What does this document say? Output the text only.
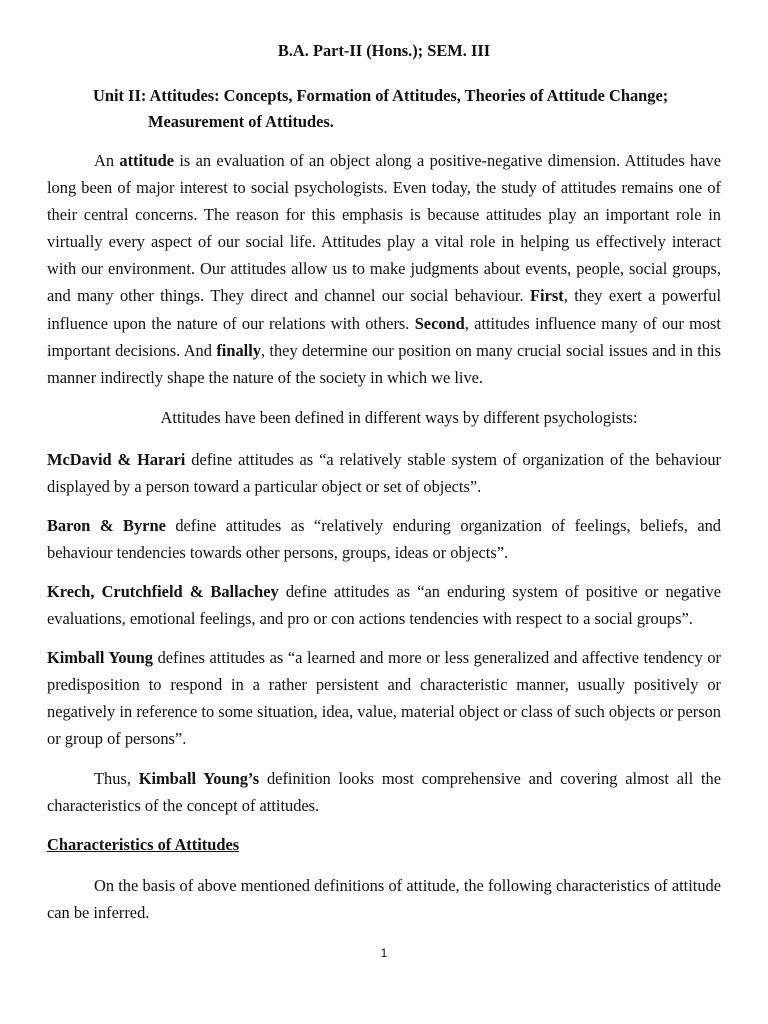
B.A. Part-II (Hons.); SEM. III

Unit II: Attitudes: Concepts, Formation of Attitudes, Theories of Attitude Change;
Measurement of Attitudes.

An attitude is an evaluation of an object along a positive-negative dimension. Attitudes have long been of major interest to social psychologists. Even today, the study of attitudes remains one of their central concerns. The reason for this emphasis is because attitudes play an important role in virtually every aspect of our social life. Attitudes play a vital role in helping us effectively interact with our environment. Our attitudes allow us to make judgments about events, people, social groups, and many other things. They direct and channel our social behaviour. First, they exert a powerful influence upon the nature of our relations with others. Second, attitudes influence many of our most important decisions. And finally, they determine our position on many crucial social issues and in this manner indirectly shape the nature of the society in which we live.

Attitudes have been defined in different ways by different psychologists:

McDavid & Harari define attitudes as “a relatively stable system of organization of the behaviour displayed by a person toward a particular object or set of objects”.

Baron & Byrne define attitudes as “relatively enduring organization of feelings, beliefs, and behaviour tendencies towards other persons, groups, ideas or objects”.

Krech, Crutchfield & Ballachey define attitudes as “an enduring system of positive or negative evaluations, emotional feelings, and pro or con actions tendencies with respect to a social groups”.

Kimball Young defines attitudes as “a learned and more or less generalized and affective tendency or predisposition to respond in a rather persistent and characteristic manner, usually positively or negatively in reference to some situation, idea, value, material object or class of such objects or person or group of persons”.

Thus, Kimball Young’s definition looks most comprehensive and covering almost all the characteristics of the concept of attitudes.

Characteristics of Attitudes

On the basis of above mentioned definitions of attitude, the following characteristics of attitude can be inferred.

1
